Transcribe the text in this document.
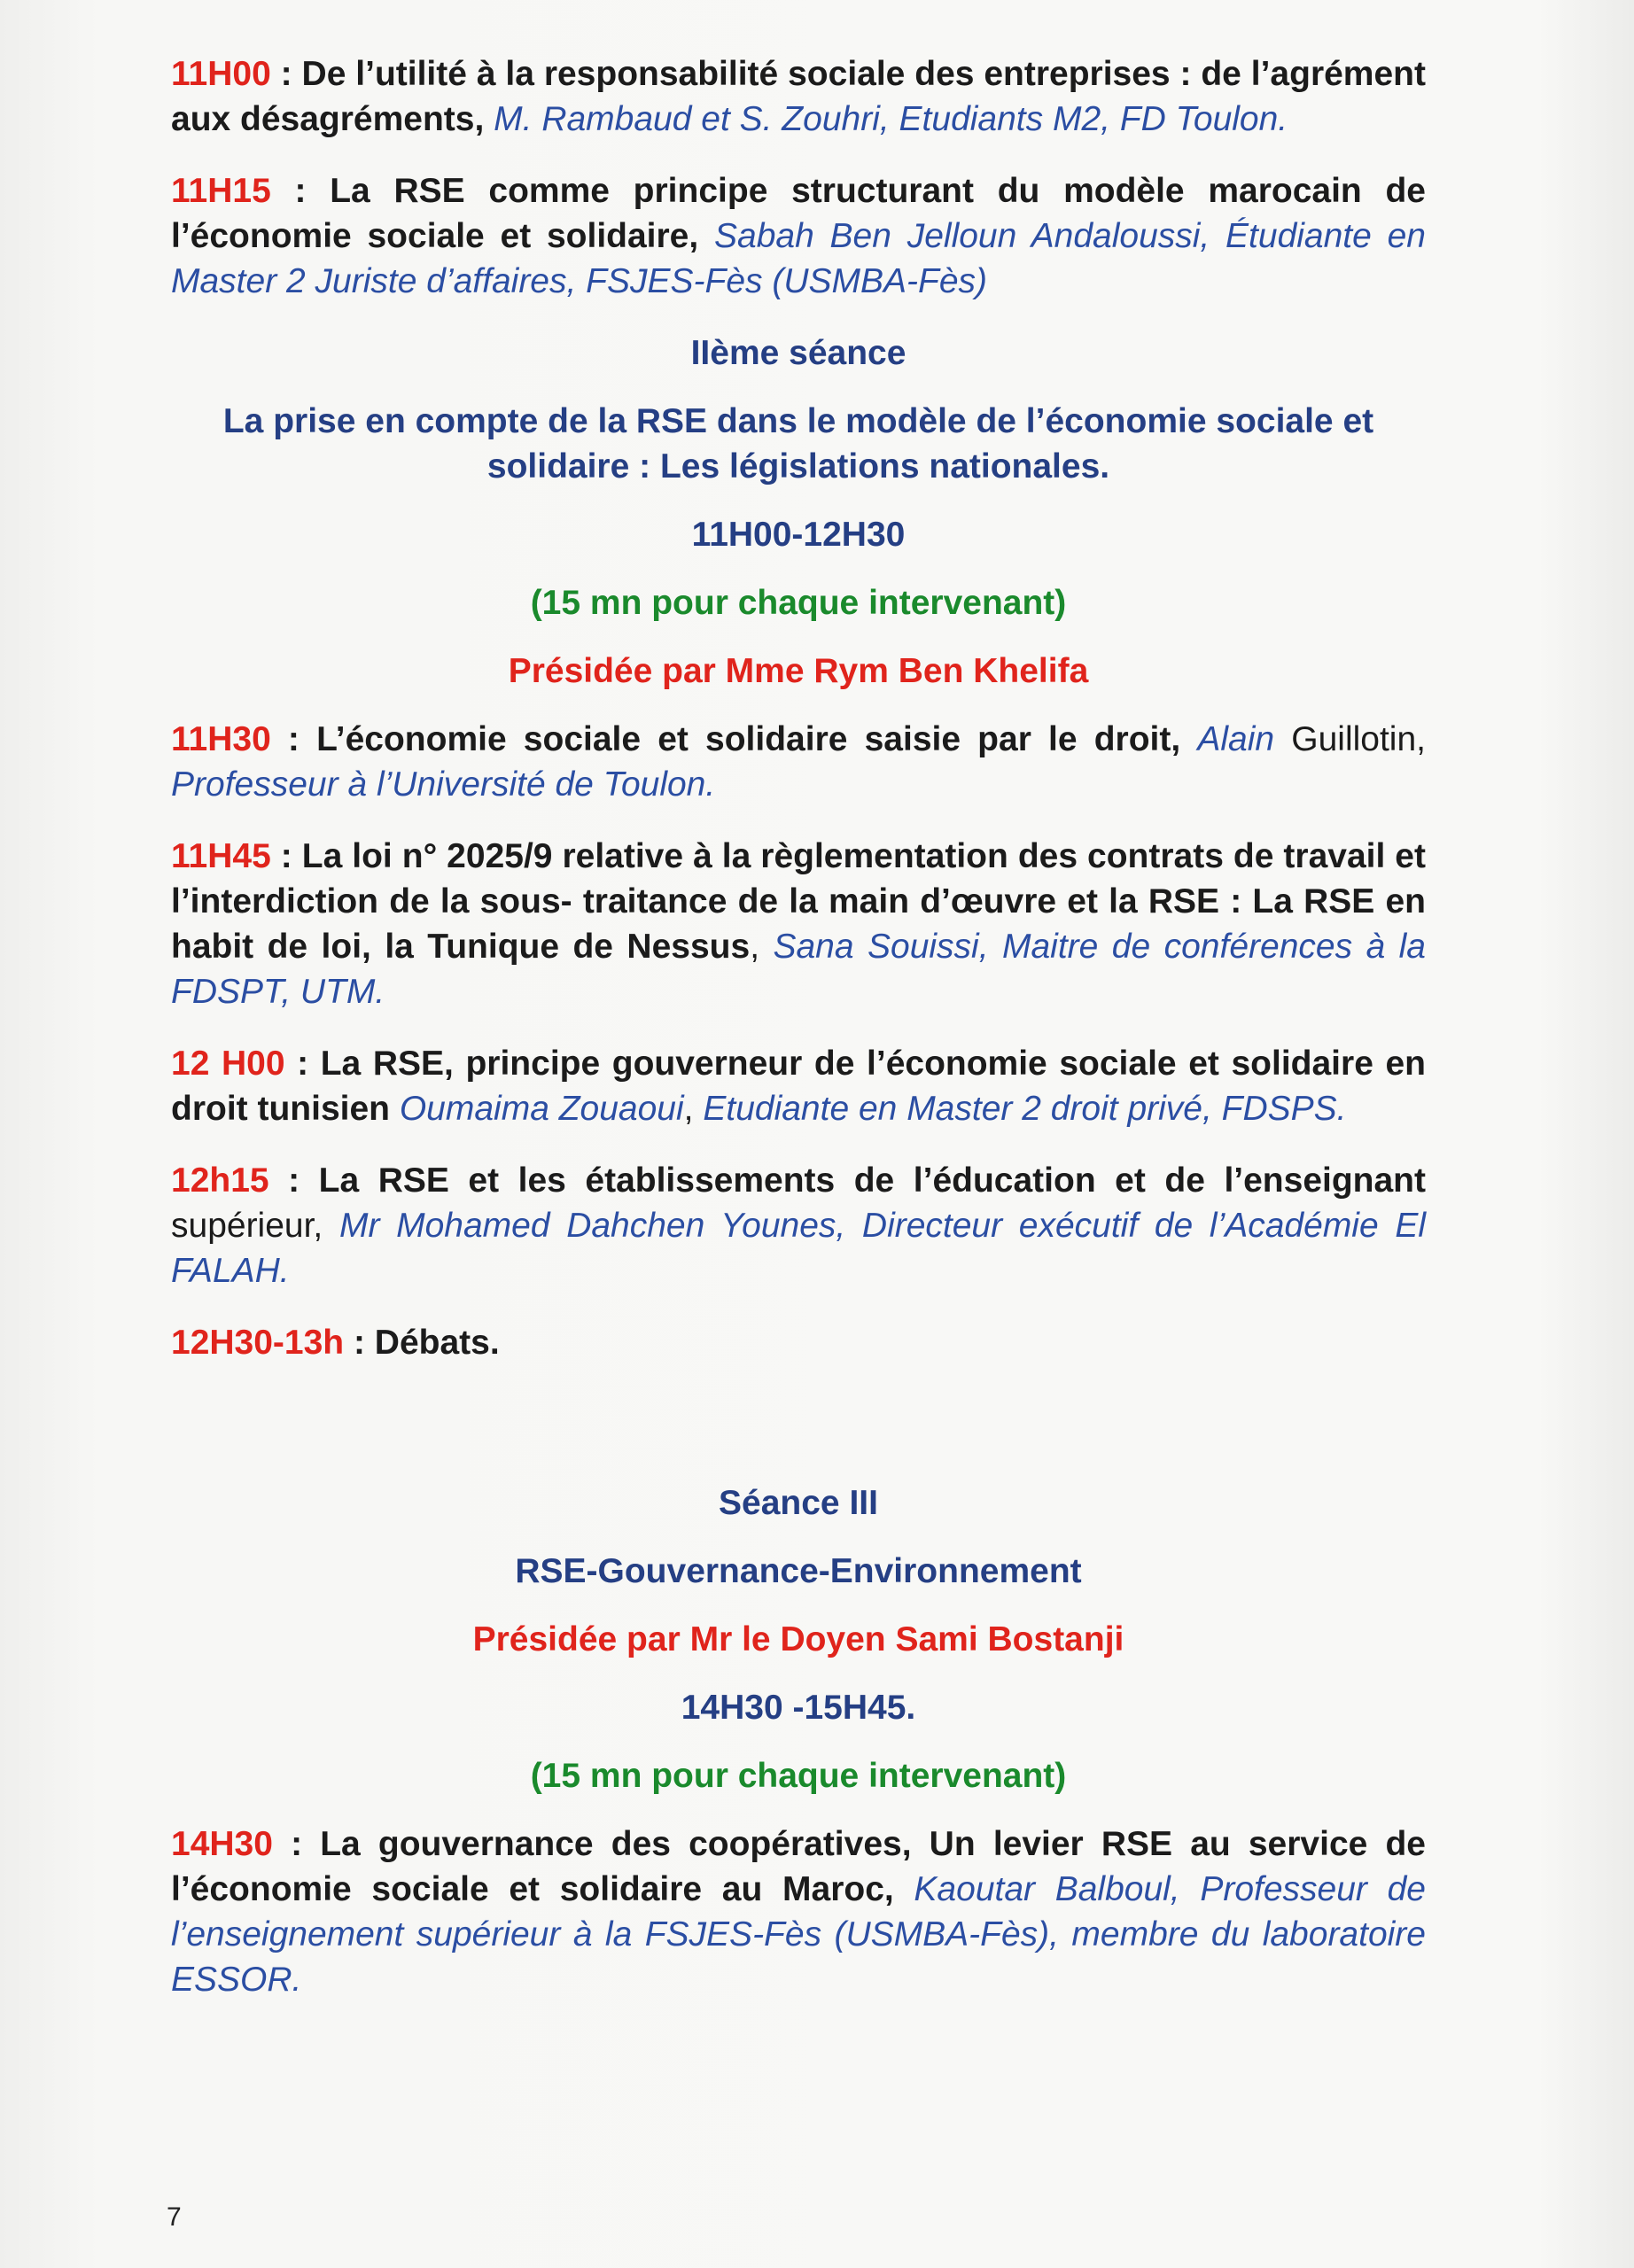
11H00 : De l’utilité à la responsabilité sociale des entreprises : de l’agrément aux désagréments, M. Rambaud et S. Zouhri, Etudiants M2, FD Toulon.

11H15 : La RSE comme principe structurant du modèle marocain de l’économie sociale et solidaire, Sabah Ben Jelloun Andaloussi, Étudiante en Master 2 Juriste d’affaires, FSJES-Fès (USMBA-Fès)

IIème séance

La prise en compte de la RSE dans le modèle de l’économie sociale et solidaire : Les législations nationales.

11H00-12H30

(15 mn pour chaque intervenant)

Présidée par Mme Rym Ben Khelifa

11H30 : L’économie sociale et solidaire saisie par le droit, Alain Guillotin, Professeur à l’Université de Toulon.

11H45 : La loi n° 2025/9 relative à la règlementation des contrats de travail et l’interdiction de la sous- traitance de la main d’œuvre et la RSE : La RSE en habit de loi, la Tunique de Nessus, Sana Souissi, Maitre de conférences à la FDSPT, UTM.

12 H00 : La RSE, principe gouverneur de l’économie sociale et solidaire en droit tunisien Oumaima Zouaoui, Etudiante en Master 2 droit privé, FDSPS.

12h15 : La RSE et les établissements de l’éducation et de l’enseignant supérieur, Mr Mohamed Dahchen Younes, Directeur exécutif de l’Académie El FALAH.

12H30-13h : Débats.

Séance III

RSE-Gouvernance-Environnement

Présidée par Mr le Doyen Sami Bostanji

14H30 -15H45.

(15 mn pour chaque intervenant)

14H30 : La gouvernance des coopératives, Un levier RSE au service de l’économie sociale et solidaire au Maroc, Kaoutar Balboul, Professeur de l’enseignement supérieur à la FSJES-Fès (USMBA-Fès), membre du laboratoire ESSOR.

7
